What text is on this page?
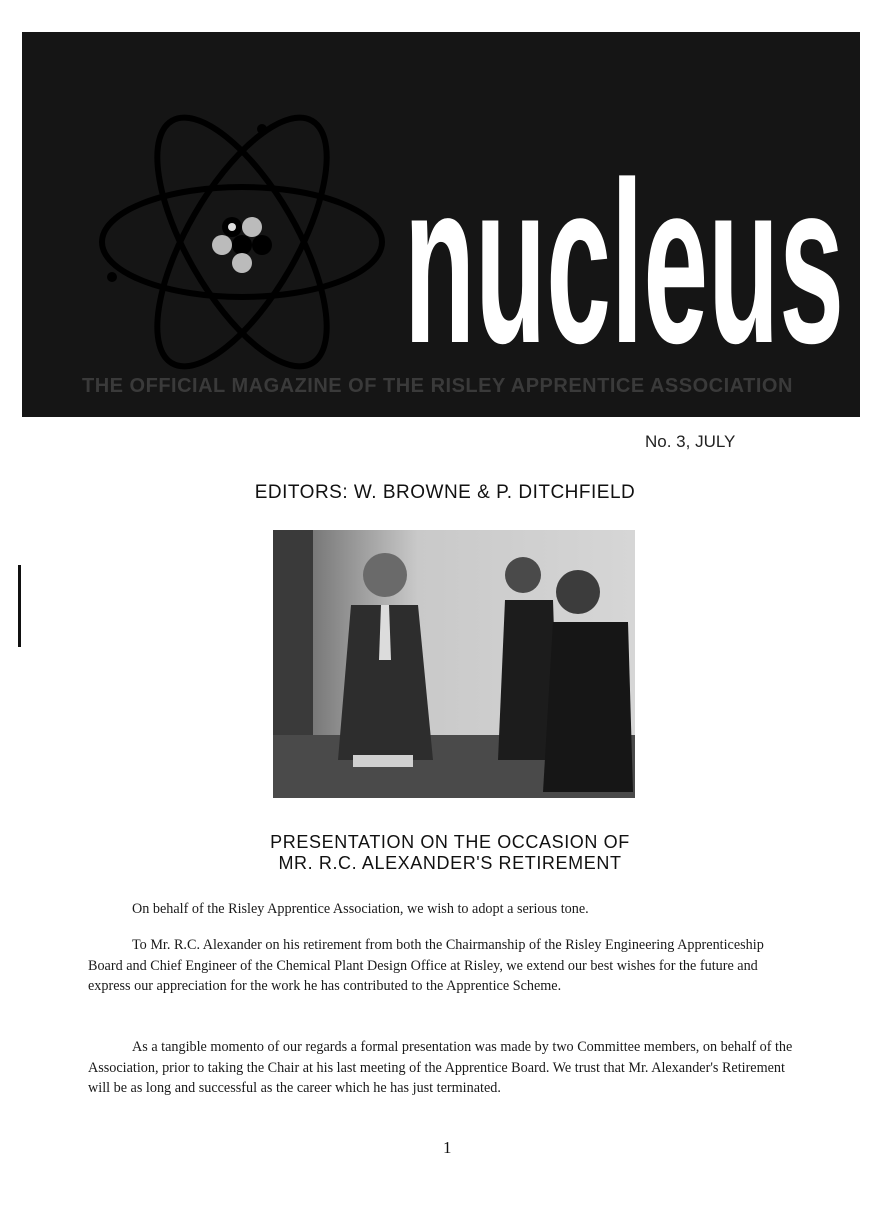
nucleus
THE OFFICIAL MAGAZINE OF THE RISLEY APPRENTICE ASSOCIATION
No. 3, JULY
EDITORS: W. BROWNE & P. DITCHFIELD
PRESENTATION ON THE OCCASION OF
MR. R.C. ALEXANDER'S RETIREMENT

On behalf of the Risley Apprentice Association, we wish to adopt a serious tone.

To Mr. R.C. Alexander on his retirement from both the Chairmanship of the Risley Engineering Apprenticeship Board and Chief Engineer of the Chemical Plant Design Office at Risley, we extend our best wishes for the future and express our appreciation for the work he has contributed to the Apprentice Scheme.

As a tangible momento of our regards a formal presentation was made by two Committee members, on behalf of the Association, prior to taking the Chair at his last meeting of the Apprentice Board. We trust that Mr. Alexander's Retirement will be as long and successful as the career which he has just terminated.

1
